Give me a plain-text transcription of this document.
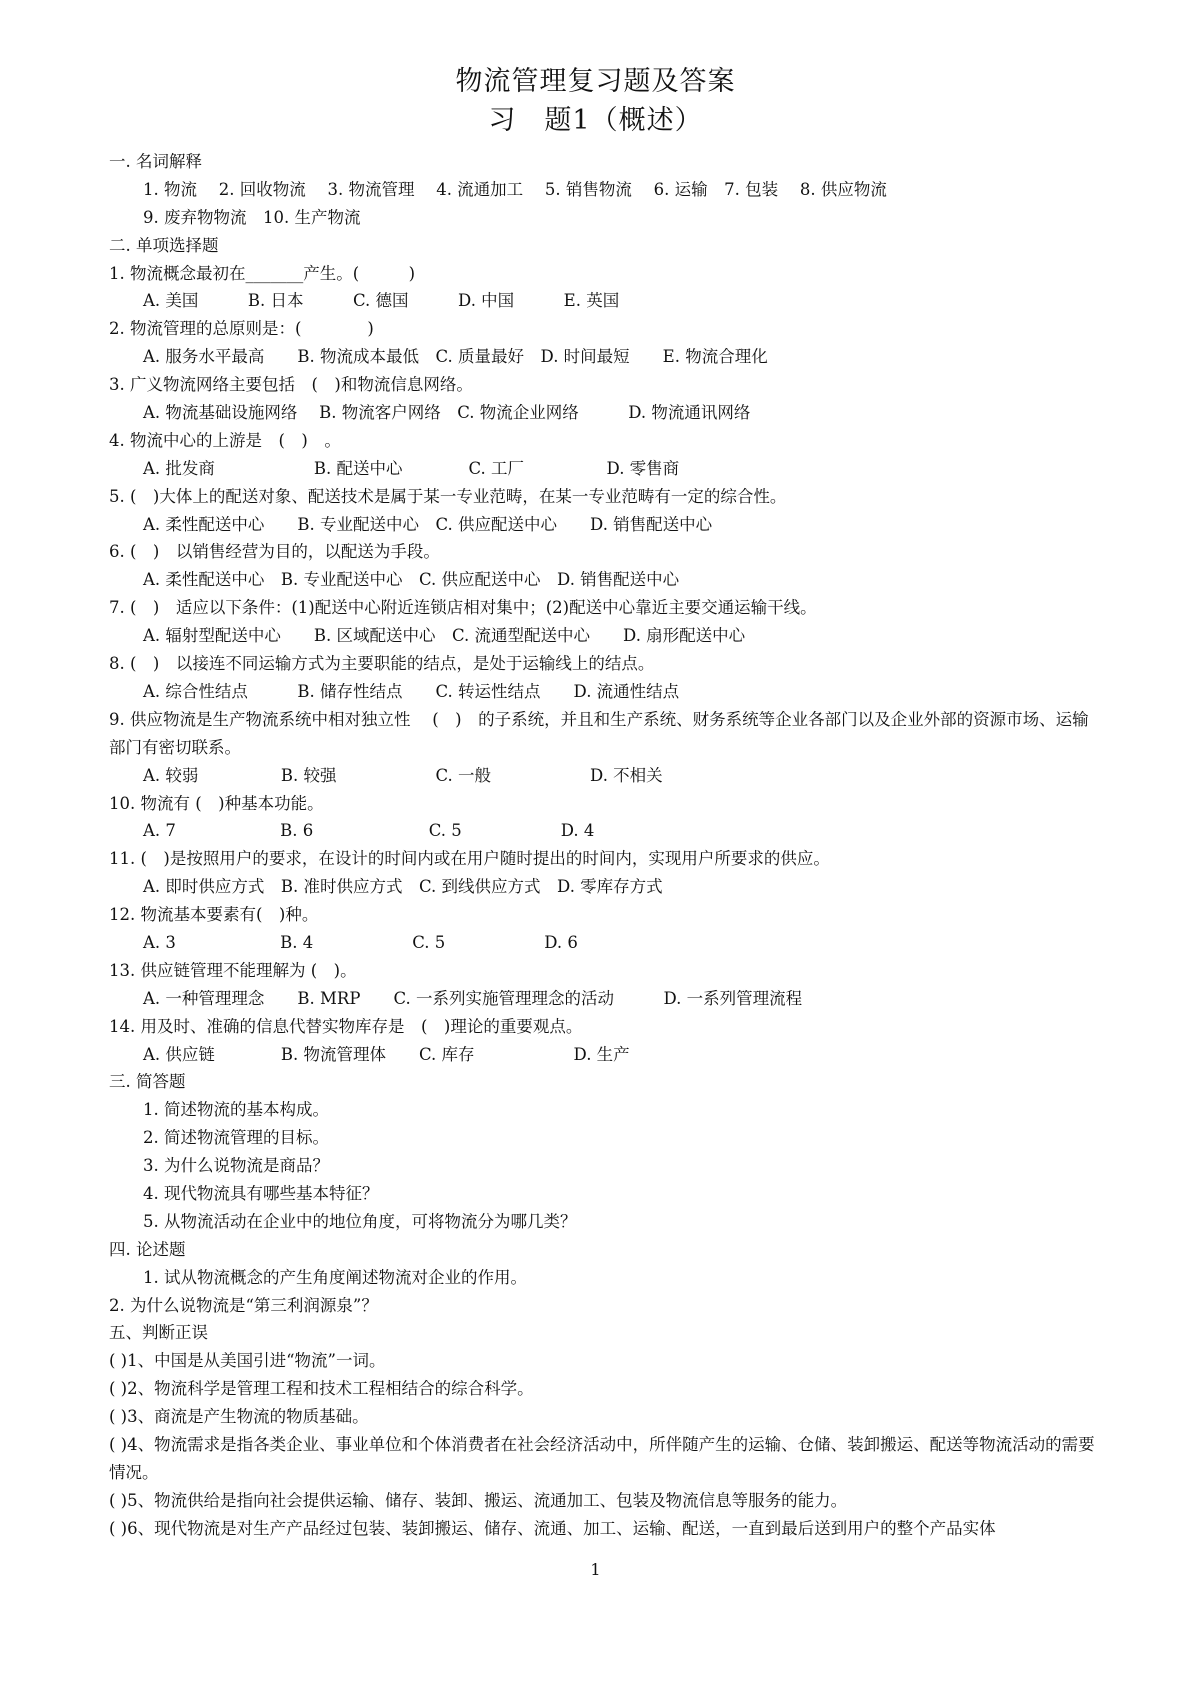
物流管理复习题及答案
习　题1（概述）
一. 名词解释
1. 物流　 2. 回收物流　 3. 物流管理　 4. 流通加工　 5. 销售物流　 6. 运输　7. 包装　 8. 供应物流
9. 废弃物物流　10. 生产物流
二. 单项选择题
1. 物流概念最初在_______产生。(　　　)
A. 美国　　　B. 日本　　　C. 德国　　　D. 中国　　　E. 英国
2. 物流管理的总原则是：(　　　　)
A. 服务水平最高　　B. 物流成本最低　C. 质量最好　D. 时间最短　　E. 物流合理化
3. 广义物流网络主要包括　(　)和物流信息网络。
A. 物流基础设施网络　 B. 物流客户网络　C. 物流企业网络　　　D. 物流通讯网络
4. 物流中心的上游是　(　)　。
A. 批发商　　　　　　B. 配送中心　　　　C. 工厂　　　　　D. 零售商
5. (　)大体上的配送对象、配送技术是属于某一专业范畴，在某一专业范畴有一定的综合性。
A. 柔性配送中心　　B. 专业配送中心　C. 供应配送中心　　D. 销售配送中心
6. (　)　以销售经营为目的，以配送为手段。
A. 柔性配送中心　B. 专业配送中心　C. 供应配送中心　D. 销售配送中心
7. (　)　适应以下条件：(1)配送中心附近连锁店相对集中；(2)配送中心靠近主要交通运输干线。
A. 辐射型配送中心　　B. 区域配送中心　C. 流通型配送中心　　D. 扇形配送中心
8. (　)　以接连不同运输方式为主要职能的结点，是处于运输线上的结点。
A. 综合性结点　　　B. 储存性结点　　C. 转运性结点　　D. 流通性结点
9. 供应物流是生产物流系统中相对独立性　 (　)　的子系统，并且和生产系统、财务系统等企业各部门以及企业外部的资源市场、运输部门有密切联系。
A. 较弱　　　　　B. 较强　　　　　　C. 一般　　　　　　D. 不相关
10. 物流有 (　)种基本功能。
A. 7　　　　　　 B. 6　　　　　　　C. 5　　　　　　D. 4
11. (　)是按照用户的要求，在设计的时间内或在用户随时提出的时间内，实现用户所要求的供应。
A. 即时供应方式　B. 准时供应方式　C. 到线供应方式　D. 零库存方式
12. 物流基本要素有(　)种。
A. 3　　　　　　 B. 4　　　　　　C. 5　　　　　　D. 6
13. 供应链管理不能理解为 (　)。
A. 一种管理理念　　B. MRP　　C. 一系列实施管理理念的活动　　　D. 一系列管理流程
14. 用及时、准确的信息代替实物库存是　(　)理论的重要观点。
A. 供应链　　　　B. 物流管理体　　C. 库存　　　　　　D. 生产
三. 简答题
1. 简述物流的基本构成。
2. 简述物流管理的目标。
3. 为什么说物流是商品？
4. 现代物流具有哪些基本特征？
5. 从物流活动在企业中的地位角度，可将物流分为哪几类？
四. 论述题
1. 试从物流概念的产生角度阐述物流对企业的作用。
2. 为什么说物流是“第三利润源泉”？
五、判断正误
( )1、中国是从美国引进“物流”一词。
( )2、物流科学是管理工程和技术工程相结合的综合科学。
( )3、商流是产生物流的物质基础。
( )4、物流需求是指各类企业、事业单位和个体消费者在社会经济活动中，所伴随产生的运输、仓储、装卸搬运、配送等物流活动的需要情况。
( )5、物流供给是指向社会提供运输、储存、装卸、搬运、流通加工、包装及物流信息等服务的能力。
( )6、现代物流是对生产产品经过包装、装卸搬运、储存、流通、加工、运输、配送，一直到最后送到用户的整个产品实体
1
